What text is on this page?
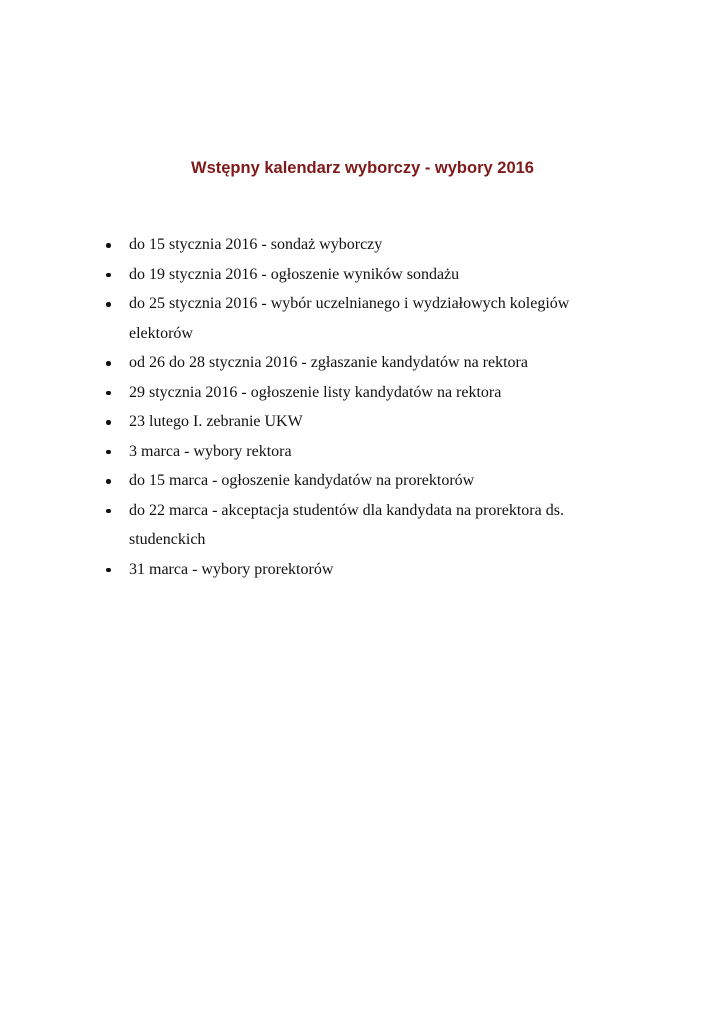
Wstępny kalendarz wyborczy - wybory 2016
do 15 stycznia 2016 - sondaż wyborczy
do 19 stycznia 2016 - ogłoszenie wyników sondażu
do 25 stycznia 2016 - wybór uczelnianego i wydziałowych kolegiów elektorów
od 26 do 28 stycznia 2016 - zgłaszanie kandydatów na rektora
29 stycznia 2016 - ogłoszenie listy kandydatów na rektora
23 lutego I. zebranie UKW
3 marca - wybory rektora
do 15 marca - ogłoszenie kandydatów na prorektorów
do 22 marca - akceptacja studentów dla kandydata na prorektora ds. studenckich
31 marca - wybory prorektorów
